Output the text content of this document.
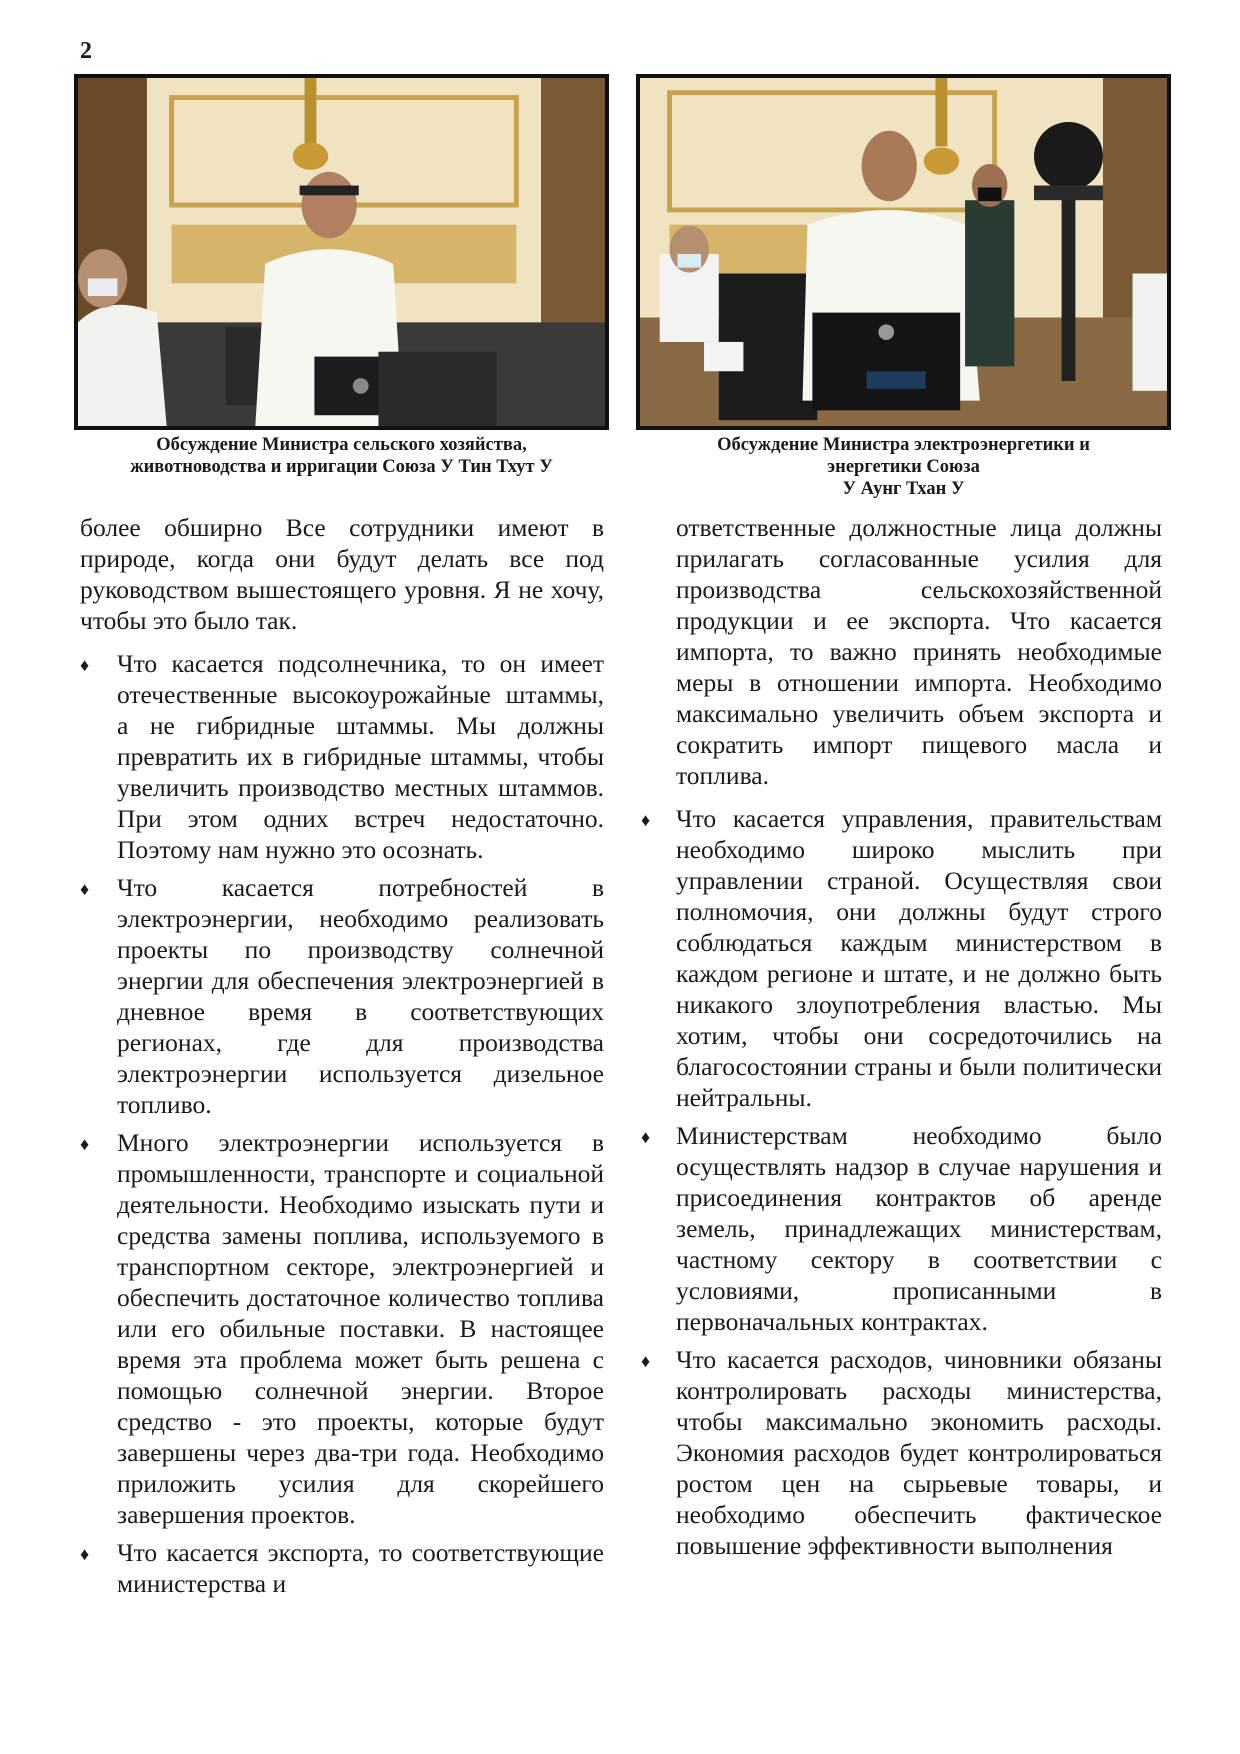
2
Обсуждение Министра сельского хозяйства,
животноводства и ирригации Союза У Тин Тхут У
Обсуждение Министра электроэнергетики и
энергетики Союза
У Аунг Тхан У

более обширно Все сотрудники имеют в природе, когда они будут делать все под руководством вышестоящего уровня. Я не хочу, чтобы это было так.

♦ Что касается подсолнечника, то он имеет отечественные высокоурожайные штаммы, а не гибридные штаммы. Мы должны превратить их в гибридные штаммы, чтобы увеличить производство местных штаммов. При этом одних встреч недостаточно. Поэтому нам нужно это осознать.
♦ Что касается потребностей в электроэнергии, необходимо реализовать проекты по производству солнечной энергии для обеспечения электроэнергией в дневное время в соответствующих регионах, где для производства электроэнергии используется дизельное топливо.
♦ Много электроэнергии используется в промышленности, транспорте и социальной деятельности. Необходимо изыскать пути и средства замены поплива, используемого в транспортном секторе, электроэнергией и обеспечить достаточное количество топлива или его обильные поставки. В настоящее время эта проблема может быть решена с помощью солнечной энергии. Второе средство - это проекты, которые будут завершены через два-три года. Необходимо приложить усилия для скорейшего завершения проектов.
♦ Что касается экспорта, то соответствующие министерства и

ответственные должностные лица должны прилагать согласованные усилия для производства сельскохозяйственной продукции и ее экспорта. Что касается импорта, то важно принять необходимые меры в отношении импорта. Необходимо максимально увеличить объем экспорта и сократить импорт пищевого масла и топлива.

♦ Что касается управления, правительствам необходимо широко мыслить при управлении страной. Осуществляя свои полномочия, они должны будут строго соблюдаться каждым министерством в каждом регионе и штате, и не должно быть никакого злоупотребления властью. Мы хотим, чтобы они сосредоточились на благосостоянии страны и были политически нейтральны.
♦ Министерствам необходимо было осуществлять надзор в случае нарушения и присоединения контрактов об аренде земель, принадлежащих министерствам, частному сектору в соответствии с условиями, прописанными в первоначальных контрактах.
♦ Что касается расходов, чиновники обязаны контролировать расходы министерства, чтобы максимально экономить расходы. Экономия расходов будет контролироваться ростом цен на сырьевые товары, и необходимо обеспечить фактическое повышение эффективности выполнения
